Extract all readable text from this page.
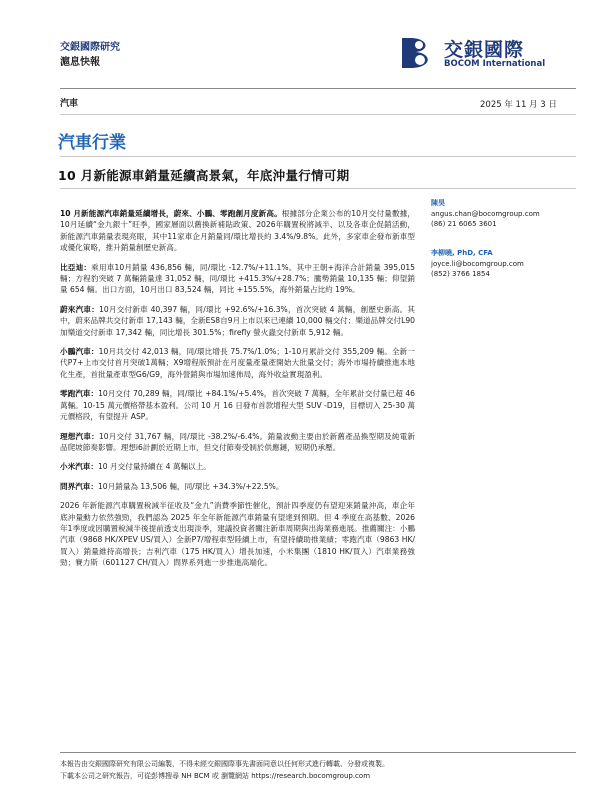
交銀國際研究
滬息快報
交銀國際
BOCOM International
汽車	2025 年 11 月 3 日
汽車行業
10 月新能源車銷量延續高景氣，年底沖量行情可期

10 月新能源汽車銷量延續增長，蔚來、小鵬、零跑創月度新高。根據部分企業公布的10月交付量數據，10月延續“金九銀十”旺季，國家層面以舊換新補貼政策、2026年購置稅將減半、以及各車企促銷活動，新能源汽車銷量表現亮眼，其中11家車企月銷量同/環比增長約 3.4%/9.8%。此外，多家車企發布新車型或優化策略，推升銷量創歷史新高。

比亞迪：乘用車10月銷量 436,856 輛，同/環比 -12.7%/+11.1%。其中王朝+海洋合計銷量 395,015 輛；方程豹突破 7 萬輛銷量達 31,052 輛，同/環比 +415.3%/+28.7%；騰勢銷量 10,135 輛；仰望銷量 654 輛。出口方面，10月出口 83,524 輛，同比 +155.5%，海外銷量占比約 19%。

蔚來汽車：10月交付新車 40,397 輛，同/環比 +92.6%/+16.3%，首次突破 4 萬輛，創歷史新高。其中，蔚來品牌共交付新車 17,143 輛，全新ES8自9月上市以來已連續 10,000 輛交付；樂道品牌交付L90加樂道交付新車 17,342 輛，同比增長 301.5%；firefly 螢火蟲交付新車 5,912 輛。

小鵬汽車：10月共交付 42,013 輛，同/環比增長 75.7%/1.0%；1-10月累計交付 355,209 輛。全新一代P7+上市交付首月突破1萬輛；X9增程版預計在月度量產量產開始大批量交付；海外市場持續推進本地化生產，首批量產車型G6/G9，海外營銷與市場加速佈局，海外收益實現盈利。

零跑汽車：10月交付 70,289 輛，同/環比 +84.1%/+5.4%，首次突破 7 萬輛，全年累計交付量已超 46 萬輛。10-15 萬元價格帶基本盈利。公司 10 月 16 日發布首款增程大型 SUV -D19，目標切入 25-30 萬元價格段，有望提升 ASP。

理想汽車：10月交付 31,767 輛，同/環比 -38.2%/-6.4%。銷量波動主要由於新舊產品換型期及純電新品爬坡節奏影響。理想i6計劃於近期上市，但交付節奏受制於供應鏈，短期仍承壓。

小米汽車：10 月交付量持續在 4 萬輛以上。

問界汽車：10月銷量為 13,506 輛，同/環比 +34.3%/+22.5%。

2026 年新能源汽車購置稅減半征收及“金九”消費季節性催化，預計四季度仍有望迎來銷量沖高，車企年底沖量動力依然強勁，我們認為 2025 年全年新能源汽車銷量有望達到預期。但 4 季度在高基數、2026年1季度或因購置稅減半後提前透支出現淡季，建議投資者關注新車周期與出海業務進展。推薦關注：小鵬汽車（9868 HK/XPEV US/買入）全新P7/增程車型陸續上市，有望持續助推業績；零跑汽車（9863 HK/買入）銷量維持高增長；吉利汽車（175 HK/買入）增長加速，小米集團（1810 HK/買入）汽車業務強勁；賽力斯（601127 CH/買入）問界系列進一步推進高端化。

陳昊
angus.chan@bocomgroup.com
(86) 21 6065 3601
李柳曉, PhD, CFA
joyce.li@bocomgroup.com
(852) 3766 1854
本報告由交銀國際研究有限公司編製，不得未經交銀國際事先書面同意以任何形式進行轉載、分發或複製。
下載本公司之研究報告，可從彭博搜尋 NH BCM 或 瀏覽網站 https://research.bocomgroup.com
